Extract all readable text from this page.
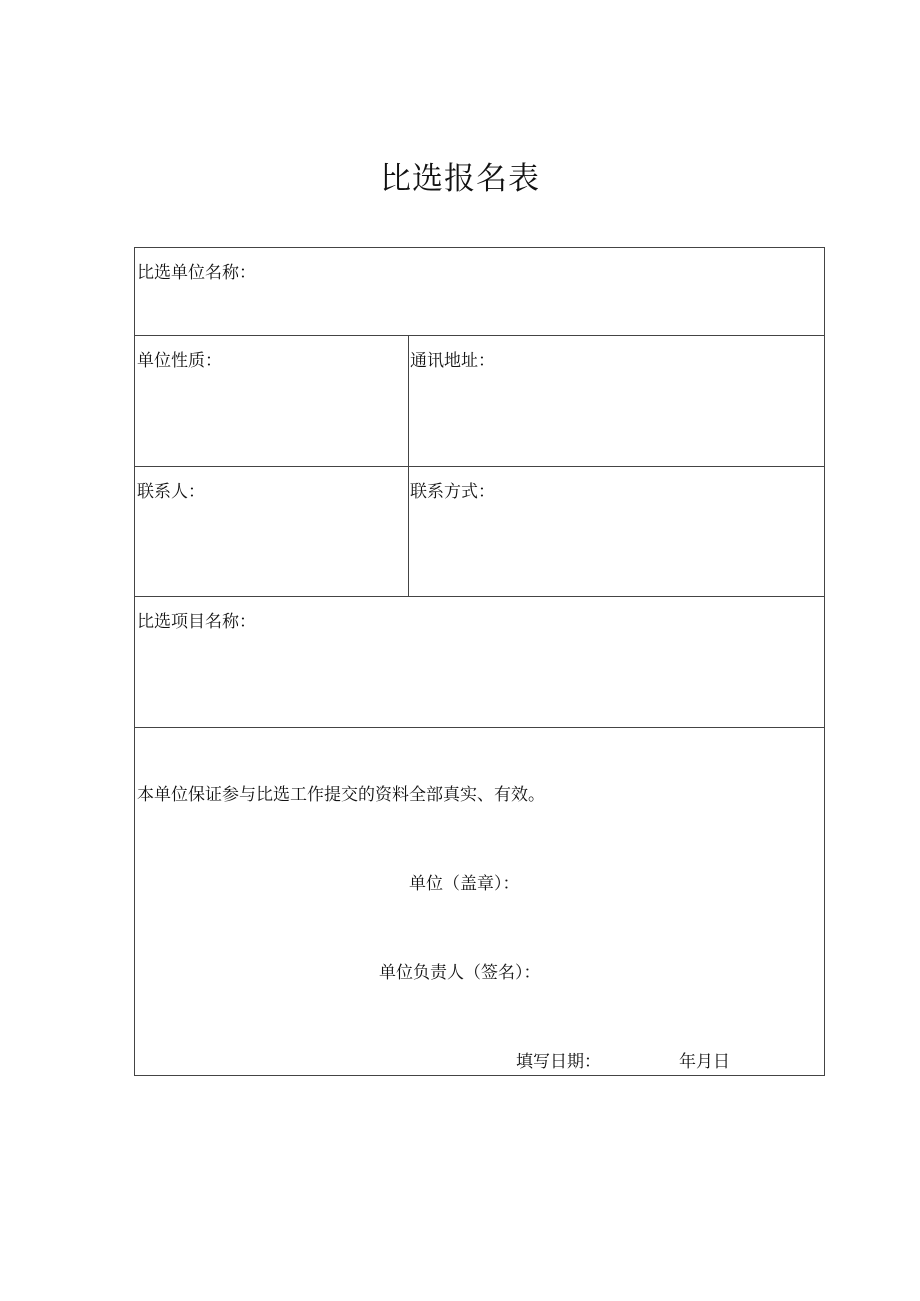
比选报名表
比选单位名称：
单位性质：	通讯地址：
联系人：	联系方式：
比选项目名称：
本单位保证参与比选工作提交的资料全部真实、有效。
单位（盖章）：
单位负责人（签名）：
填写日期：	年月日
